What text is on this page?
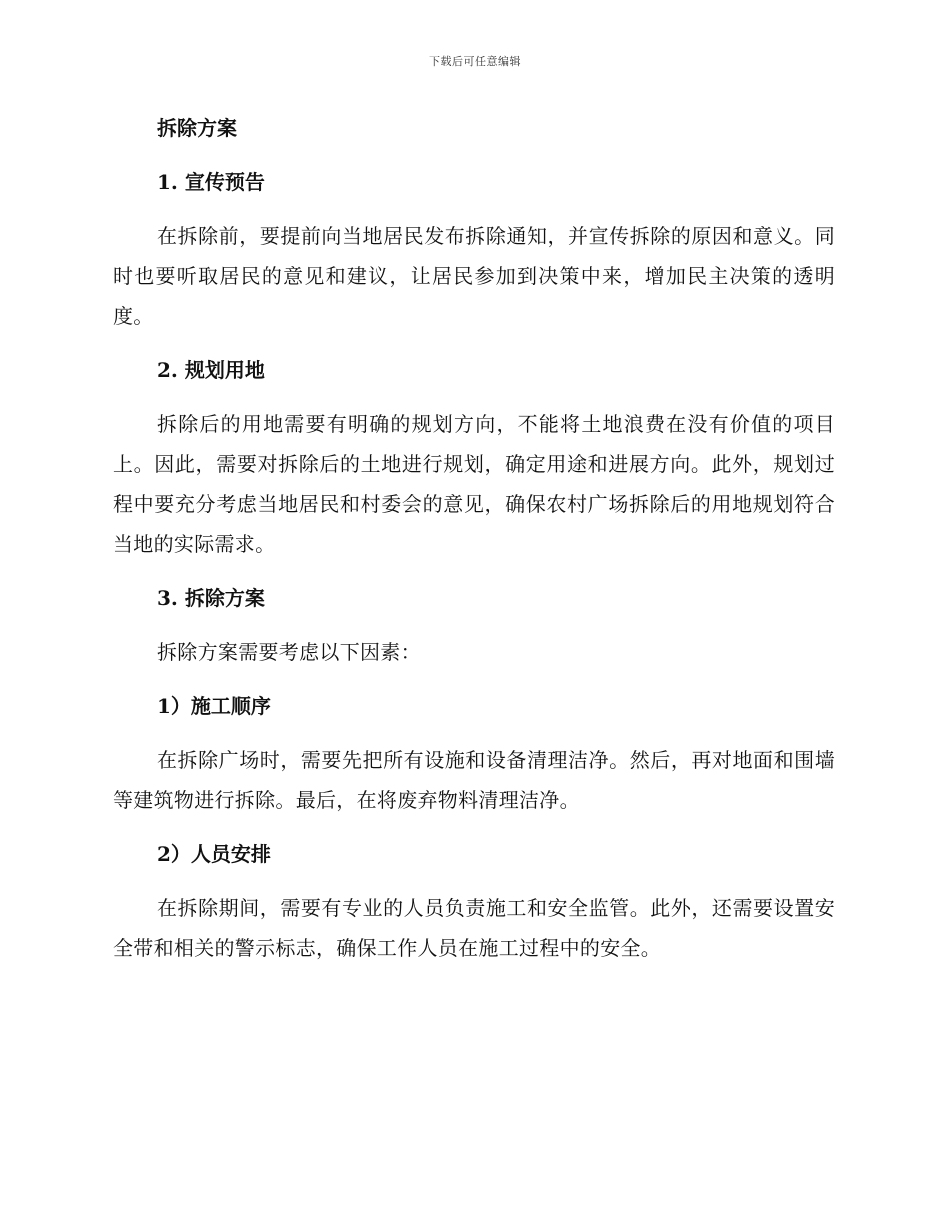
下载后可任意编辑
拆除方案
1. 宣传预告
在拆除前，要提前向当地居民发布拆除通知，并宣传拆除的原因和意义。同时也要听取居民的意见和建议，让居民参加到决策中来，增加民主决策的透明度。
2. 规划用地
拆除后的用地需要有明确的规划方向，不能将土地浪费在没有价值的项目上。因此，需要对拆除后的土地进行规划，确定用途和进展方向。此外，规划过程中要充分考虑当地居民和村委会的意见，确保农村广场拆除后的用地规划符合当地的实际需求。
3. 拆除方案
拆除方案需要考虑以下因素：
1）施工顺序
在拆除广场时，需要先把所有设施和设备清理洁净。然后，再对地面和围墙等建筑物进行拆除。最后，在将废弃物料清理洁净。
2）人员安排
在拆除期间，需要有专业的人员负责施工和安全监管。此外，还需要设置安全带和相关的警示标志，确保工作人员在施工过程中的安全。
